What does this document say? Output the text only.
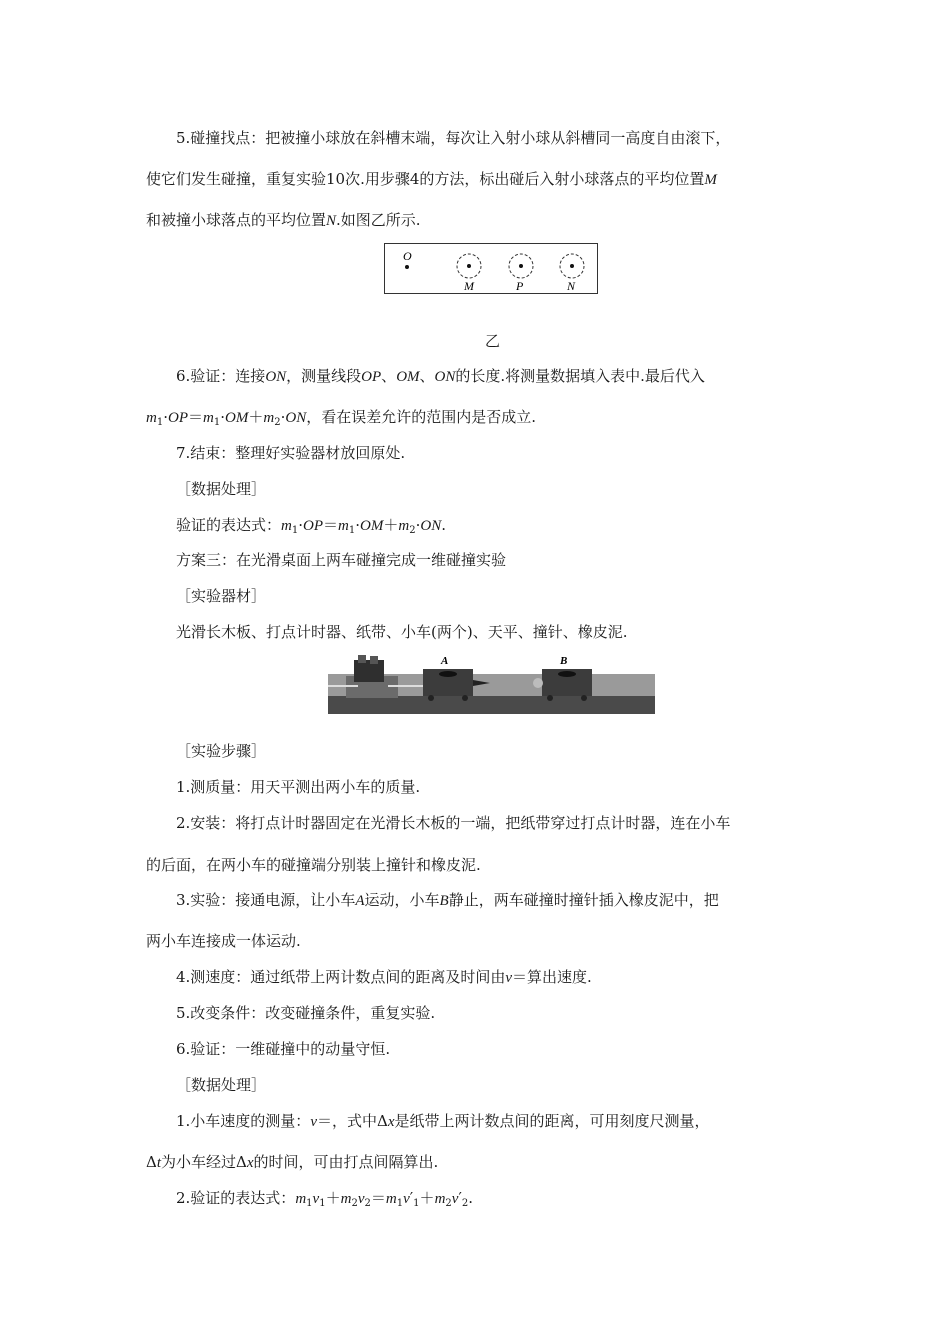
5.碰撞找点：把被撞小球放在斜槽末端，每次让入射小球从斜槽同一高度自由滚下，
使它们发生碰撞，重复实验10次.用步骤4的方法，标出碰后入射小球落点的平均位置M
和被撞小球落点的平均位置N.如图乙所示.
O
M	P	N
乙
6.验证：连接ON，测量线段OP、OM、ON的长度.将测量数据填入表中.最后代入
$m_1\cdot OP=m_1\cdot OM+m_2\cdot ON$，看在误差允许的范围内是否成立.
7.结束：整理好实验器材放回原处.
［数据处理］
验证的表达式：$m_1\cdot OP=m_1\cdot OM+m_2\cdot ON$.
方案三：在光滑桌面上两车碰撞完成一维碰撞实验
［实验器材］
光滑长木板、打点计时器、纸带、小车(两个)、天平、撞针、橡皮泥.
A	B
［实验步骤］
1.测质量：用天平测出两小车的质量.
2.安装：将打点计时器固定在光滑长木板的一端，把纸带穿过打点计时器，连在小车
的后面，在两小车的碰撞端分别装上撞针和橡皮泥.
3.实验：接通电源，让小车A运动，小车B静止，两车碰撞时撞针插入橡皮泥中，把
两小车连接成一体运动.
4.测速度：通过纸带上两计数点间的距离及时间由v＝算出速度.
5.改变条件：改变碰撞条件，重复实验.
6.验证：一维碰撞中的动量守恒.
［数据处理］
1.小车速度的测量：v＝，式中Δx是纸带上两计数点间的距离，可用刻度尺测量，
Δt为小车经过Δx的时间，可由打点间隔算出.
2.验证的表达式：$m_1v_1+m_2v_2=m_1v'_1+m_2v'_2$.
